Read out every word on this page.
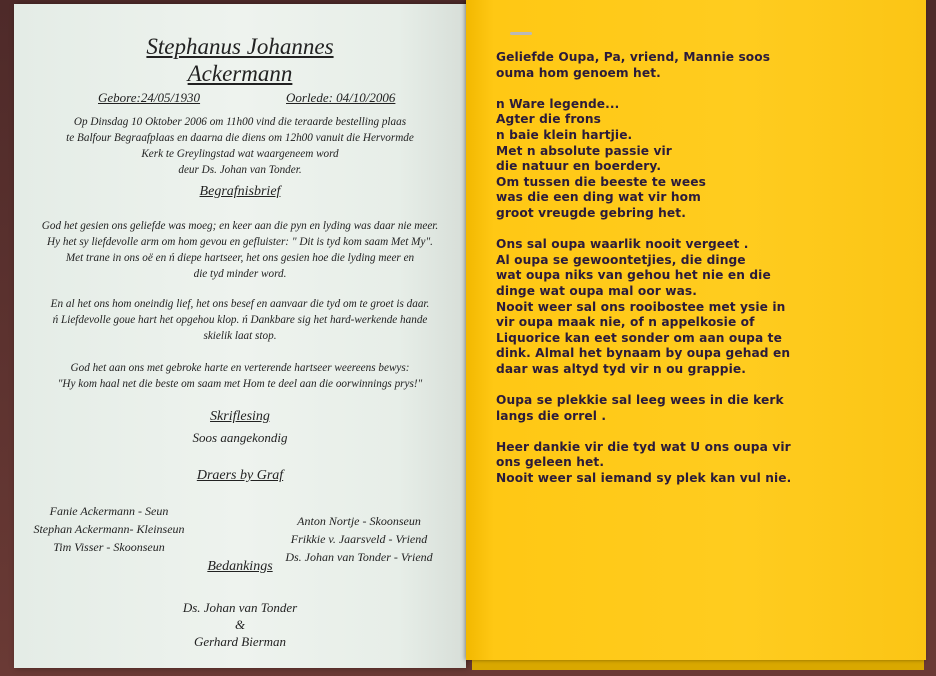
Stephanus Johannes
Ackermann
Gebore:24/05/1930	Oorlede: 04/10/2006
Op Dinsdag 10 Oktober 2006 om 11h00 vind die teraarde bestelling plaas
te Balfour Begraafplaas en daarna die diens om 12h00 vanuit die Hervormde
Kerk te Greylingstad wat waargeneem word
deur Ds. Johan van Tonder.
Begrafnisbrief
God het gesien ons geliefde was moeg; en keer aan die pyn en lyding was daar nie meer.
Hy het sy liefdevolle arm om hom gevou en gefluister: " Dit is tyd kom saam Met My".
Met trane in ons oë en ń diepe hartseer, het ons gesien hoe die lyding meer en
die tyd minder word.
En al het ons hom oneindig lief, het ons besef en aanvaar die tyd om te groet is daar.
ń Liefdevolle goue hart het opgehou klop. ń Dankbare sig het hard-werkende hande
skielik laat stop.
God het aan ons met gebroke harte en verterende hartseer weereens bewys:
"Hy kom haal net die beste om saam met Hom te deel aan die oorwinnings prys!"
Skriflesing
Soos aangekondig
Draers by Graf
Fanie Ackermann - Seun
Stephan Ackermann- Kleinseun
Tim Visser - Skoonseun
Anton Nortje - Skoonseun
Frikkie v. Jaarsveld - Vriend
Ds. Johan van Tonder - Vriend
Bedankings
Ds. Johan van Tonder
&
Gerhard Bierman
Geliefde Oupa, Pa, vriend, Mannie soos
ouma hom genoem het.
n Ware legende...
Agter die frons
n baie klein hartjie.
Met n absolute passie vir
die natuur en boerdery.
Om tussen die beeste te wees
was die een ding wat vir hom
groot vreugde gebring het.
Ons sal oupa waarlik nooit vergeet .
Al oupa se gewoontetjies, die dinge
wat oupa niks van gehou het nie en die
dinge wat oupa mal oor was.
Nooit weer sal ons rooibostee met ysie in
vir oupa maak nie, of n appelkosie of
Liquorice kan eet sonder om aan oupa te
dink. Almal het bynaam by oupa gehad en
daar was altyd tyd vir n ou grappie.
Oupa se plekkie sal leeg wees in die kerk
langs die orrel .
Heer dankie vir die tyd wat U ons oupa vir
ons geleen het.
Nooit weer sal iemand sy plek kan vul nie.
